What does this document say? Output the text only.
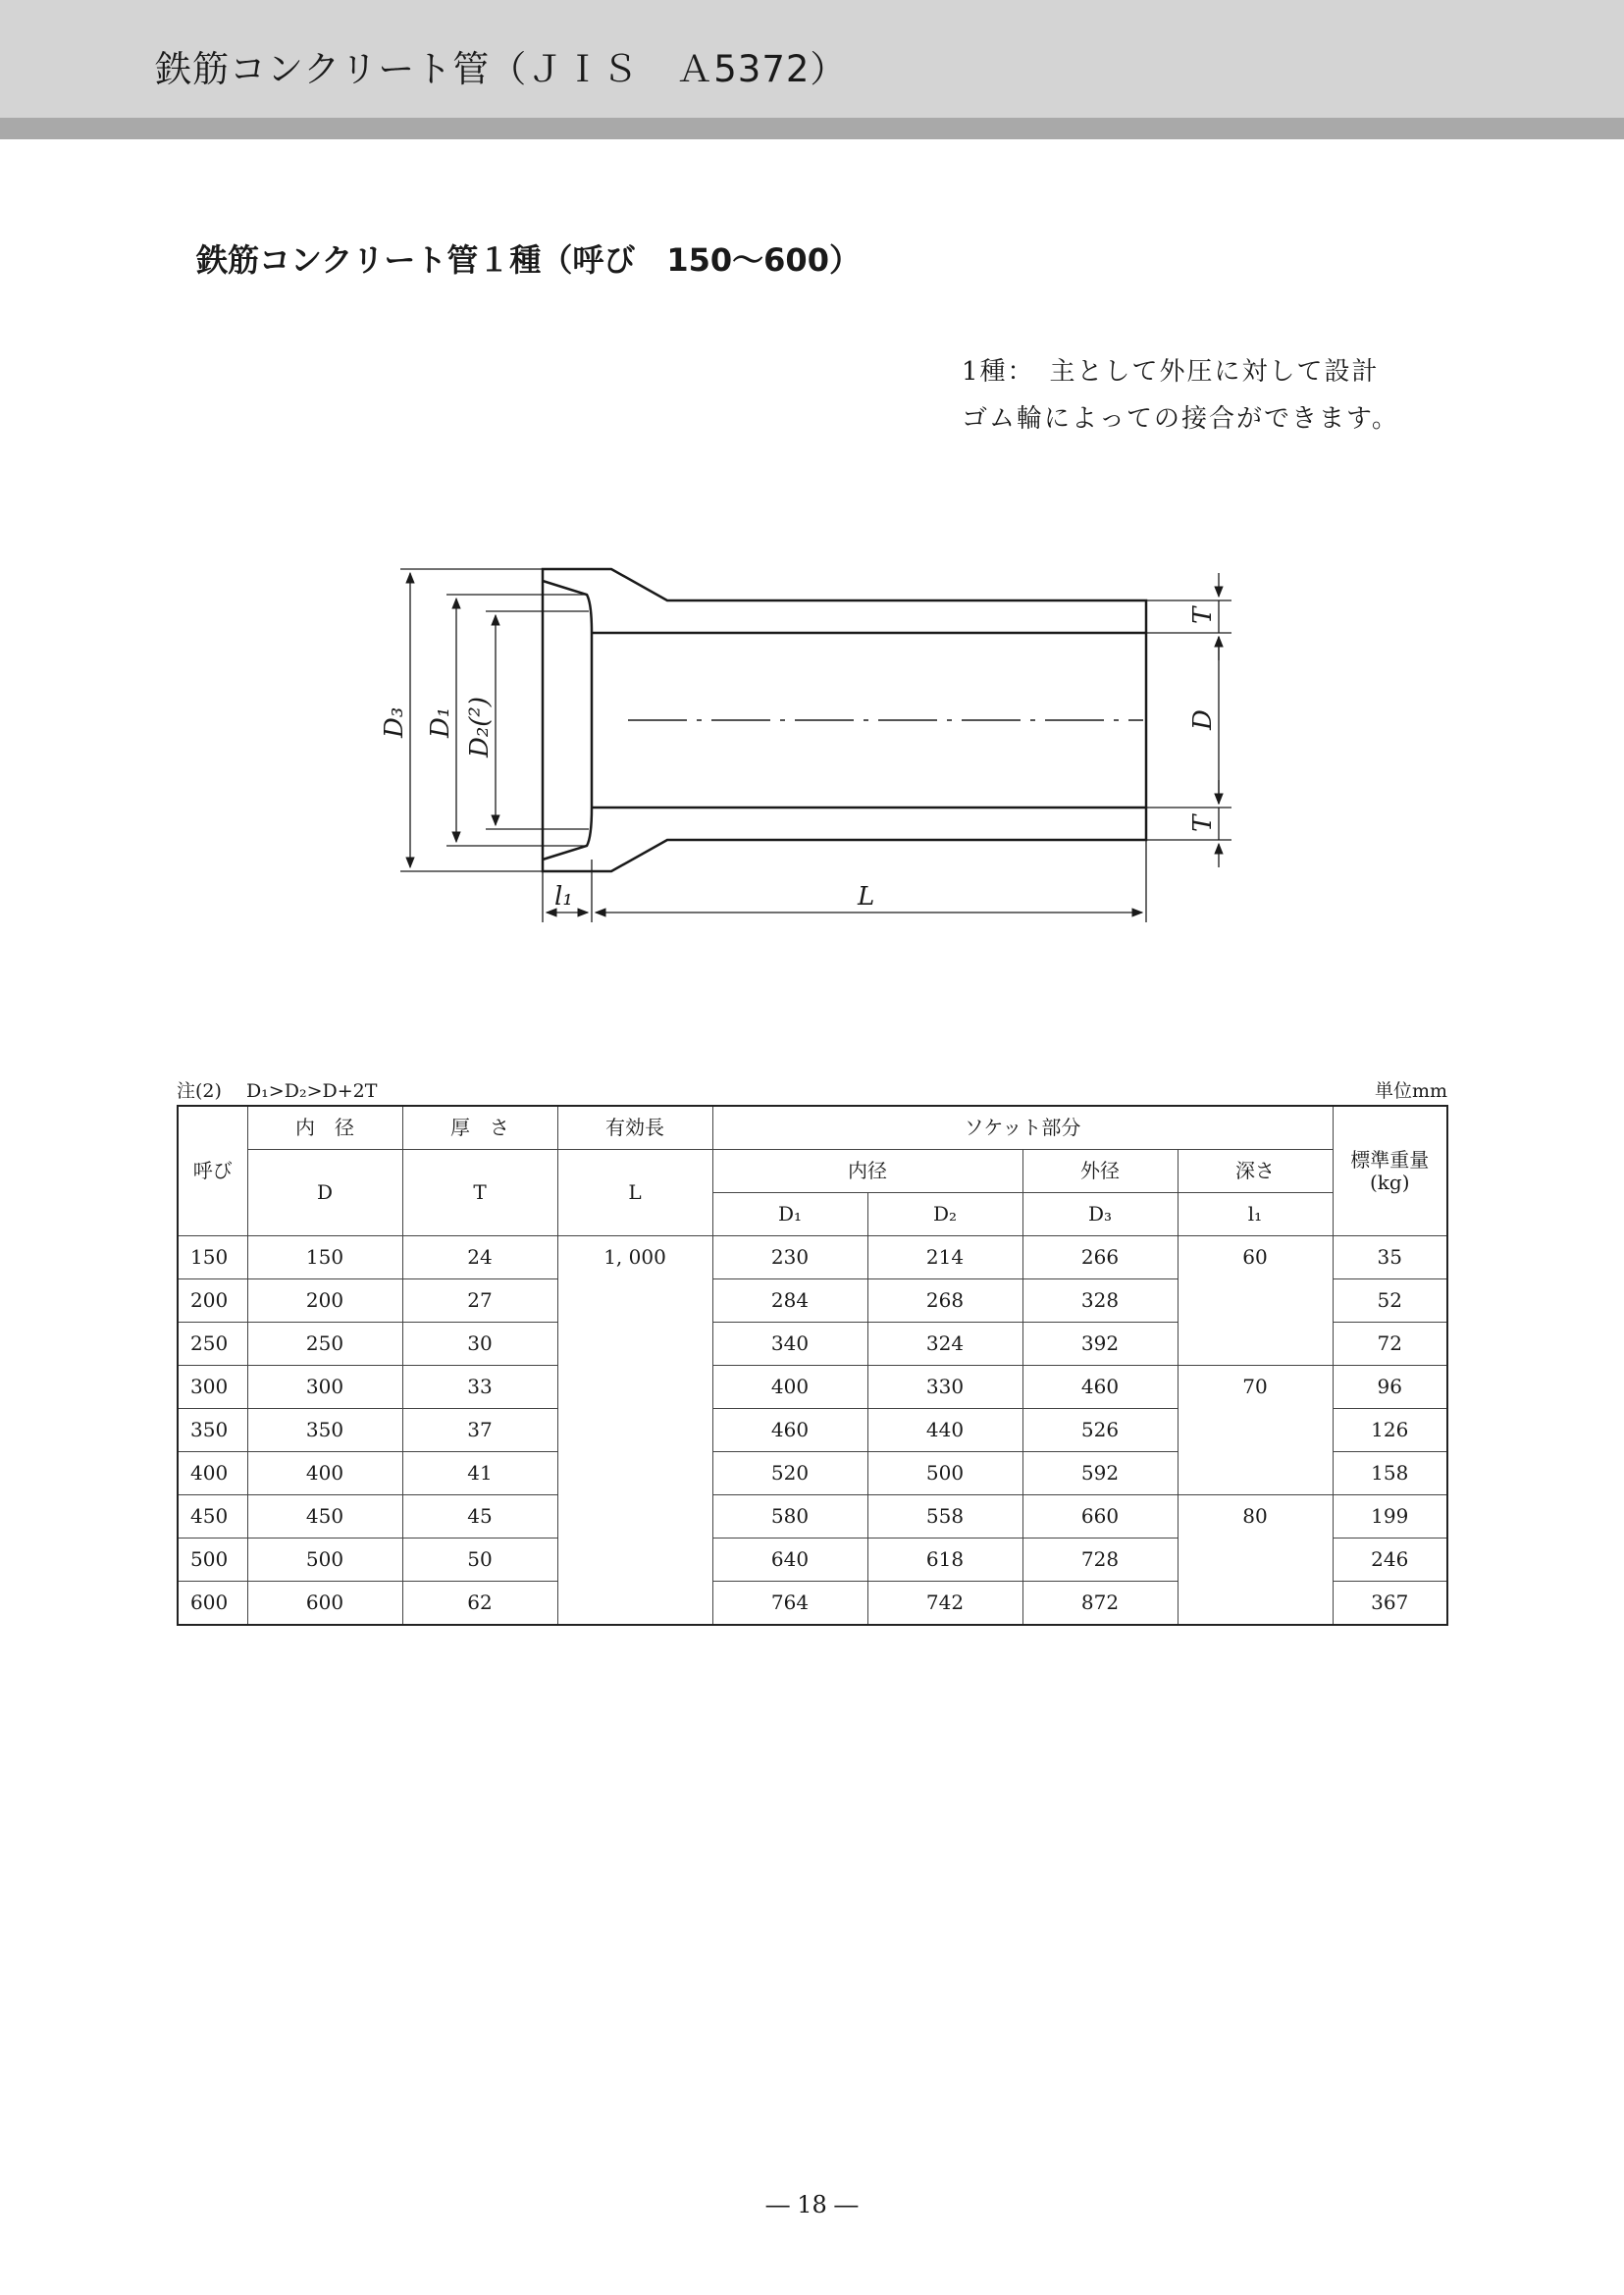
鉄筋コンクリート管（ＪＩＳ　Ａ5372）
鉄筋コンクリート管１種（呼び　150〜600）
1種：　主として外圧に対して設計
ゴム輪によっての接合ができます。
D₃ D₁ D₂(²)
T
D
T
l₁	L
注(2)　 D₁>D₂>D+2T	単位mm
呼び	内　径	厚　さ	有効長	ソケット部分				標準重量
(kg)
	D	T	L	内径		外径	深さ	
				D₁	D₂	D₃	l₁	
150	150	24	1, 000	230	214	266	60	35
200	200	27		284	268	328		52
250	250	30		340	324	392		72
300	300	33		400	330	460	70	96
350	350	37		460	440	526		126
400	400	41		520	500	592		158
450	450	45		580	558	660	80	199
500	500	50		640	618	728		246
600	600	62		764	742	872		367
― 18 ―
